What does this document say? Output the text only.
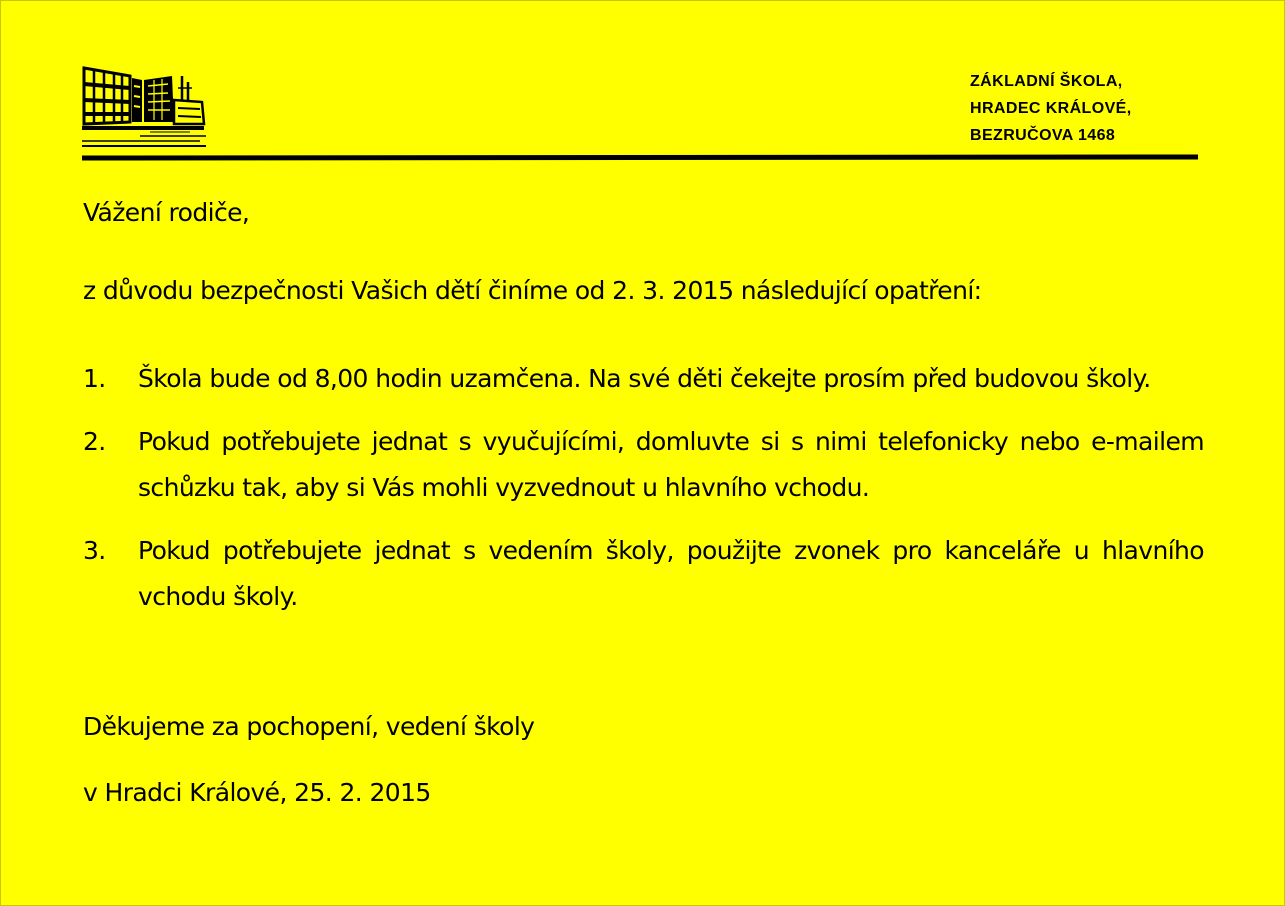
ZÁKLADNÍ ŠKOLA,
HRADEC KRÁLOVÉ,
BEZRUČOVA 1468
Vážení rodiče,
z důvodu bezpečnosti Vašich dětí činíme od 2. 3. 2015 následující opatření:
1. Škola bude od 8,00 hodin uzamčena. Na své děti čekejte prosím před budovou školy.
2. Pokud potřebujete jednat s vyučujícími, domluvte si s nimi telefonicky nebo e-mailem schůzku tak, aby si Vás mohli vyzvednout u hlavního vchodu.
3. Pokud potřebujete jednat s vedením školy, použijte zvonek pro kanceláře u hlavního vchodu školy.
Děkujeme za pochopení, vedení školy
v Hradci Králové, 25. 2. 2015
